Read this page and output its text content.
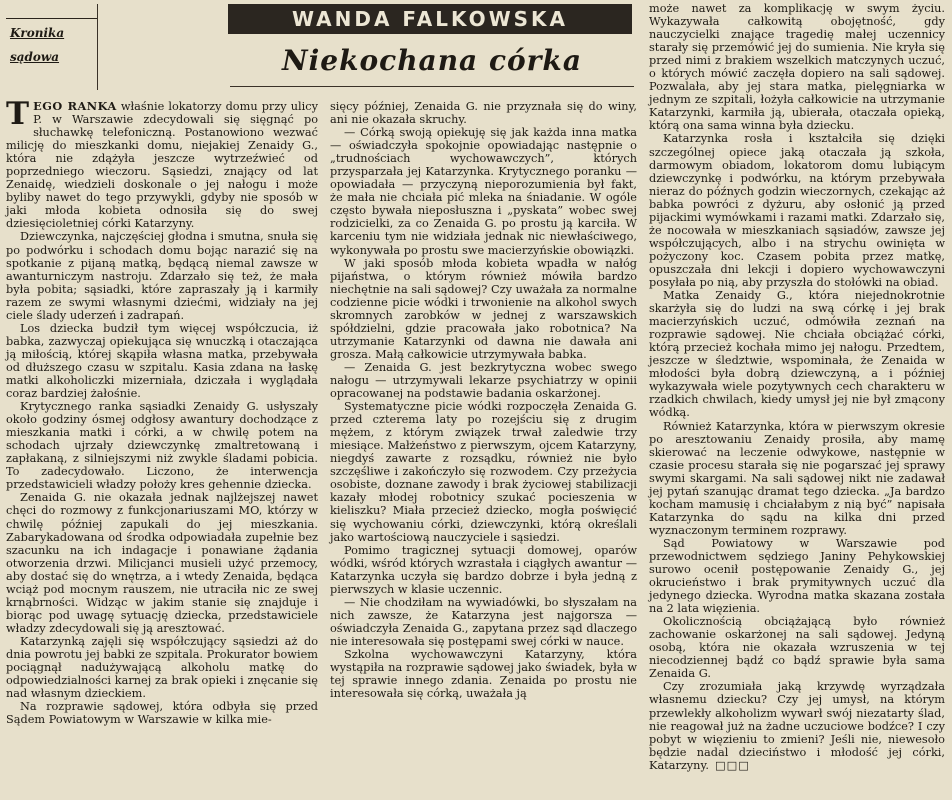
Kronika
sądowa
WANDA FALKOWSKA
Niekochana córka

TEGO RANKA właśnie lokatorzy domu przy ulicy P. w Warszawie zdecydowali się sięgnąć po słuchawkę telefoniczną. Postanowiono wezwać milicję do mieszkanki domu, niejakiej Zenaidy G., która nie zdążyła jeszcze wytrzeźwieć od poprzedniego wieczoru. Sąsiedzi, znający od lat Zenaidę, wiedzieli doskonale o jej nałogu i może byliby nawet do tego przywykli, gdyby nie sposób w jaki młoda kobieta odnosiła się do swej dziesięcioletniej córki Katarzyny.

Dziewczynka, najczęściej głodna i smutna, snuła się po podwórku i schodach domu bojąc narazić się na spotkanie z pijaną matką, będącą niemal zawsze w awanturniczym nastroju. Zdarzało się też, że mała była pobita; sąsiadki, które zapraszały ją i karmiły razem ze swymi własnymi dziećmi, widziały na jej ciele ślady uderzeń i zadrapań.

Los dziecka budził tym więcej współczucia, iż babka, zazwyczaj opiekująca się wnuczką i otaczająca ją miłością, której skąpiła własna matka, przebywała od dłuższego czasu w szpitalu. Kasia zdana na łaskę matki alkoholiczki mizerniała, dziczała i wyglądała coraz bardziej żałośnie.

Krytycznego ranka sąsiadki Zenaidy G. usłyszały około godziny ósmej odgłosy awantury dochodzące z mieszkania matki i córki, a w chwilę potem na schodach ujrzały dziewczynkę zmaltretowaną i zapłakaną, z silniejszymi niż zwykle śladami pobicia. To zadecydowało. Liczono, że interwencja przedstawicieli władzy położy kres gehennie dziecka.

Zenaida G. nie okazała jednak najlżejszej nawet chęci do rozmowy z funkcjonariuszami MO, którzy w chwilę później zapukali do jej mieszkania. Zabarykadowana od środka odpowiadała zupełnie bez szacunku na ich indagacje i ponawiane żądania otworzenia drzwi. Milicjanci musieli użyć przemocy, aby dostać się do wnętrza, a i wtedy Zenaida, będąca wciąż pod mocnym rauszem, nie utraciła nic ze swej krnąbrności. Widząc w jakim stanie się znajduje i biorąc pod uwagę sytuację dziecka, przedstawiciele władzy zdecydowali się ją aresztować.

Katarzynką zajęli się współczujący sąsiedzi aż do dnia powrotu jej babki ze szpitala. Prokurator bowiem pociągnął nadużywającą alkoholu matkę do odpowiedzialności karnej za brak opieki i znęcanie się nad własnym dzieckiem.

Na rozprawie sądowej, która odbyła się przed Sądem Powiatowym w Warszawie w kilka mie-

sięcy później, Zenaida G. nie przyznała się do winy, ani nie okazała skruchy.

— Córką swoją opiekuję się jak każda inna matka — oświadczyła spokojnie opowiadając następnie o „trudnościach wychowawczych”, których przysparzała jej Katarzynka. Krytycznego poranku — opowiadała — przyczyną nieporozumienia był fakt, że mała nie chciała pić mleka na śniadanie. W ogóle często bywała nieposłuszna i „pyskata” wobec swej rodzicielki, za co Zenaida G. po prostu ją karciła. W karceniu tym nie widziała jednak nic niewłaściwego, wykonywała po prostu swe macierzyńskie obowiązki.

W jaki sposób młoda kobieta wpadła w nałóg pijaństwa, o którym również mówiła bardzo niechętnie na sali sądowej? Czy uważała za normalne codzienne picie wódki i trwonienie na alkohol swych skromnych zarobków w jednej z warszawskich spółdzielni, gdzie pracowała jako robotnica? Na utrzymanie Katarzynki od dawna nie dawała ani grosza. Małą całkowicie utrzymywała babka.

— Zenaida G. jest bezkrytyczna wobec swego nałogu — utrzymywali lekarze psychiatrzy w opinii opracowanej na podstawie badania oskarżonej.

Systematyczne picie wódki rozpoczęła Zenaida G. przed czterema laty po rozejściu się z drugim mężem, z którym związek trwał zaledwie trzy miesiące. Małżeństwo z pierwszym, ojcem Katarzyny, niegdyś zawarte z rozsądku, również nie było szczęśliwe i zakończyło się rozwodem. Czy przeżycia osobiste, doznane zawody i brak życiowej stabilizacji kazały młodej robotnicy szukać pocieszenia w kieliszku? Miała przecież dziecko, mogła poświęcić się wychowaniu córki, dziewczynki, którą określali jako wartościową nauczyciele i sąsiedzi.

Pomimo tragicznej sytuacji domowej, oparów wódki, wśród których wzrastała i ciągłych awantur — Katarzynka uczyła się bardzo dobrze i była jedną z pierwszych w klasie uczennic.

— Nie chodziłam na wywiadówki, bo słyszałam na nich zawsze, że Katarzyna jest najgorsza — oświadczyła Zenaida G., zapytana przez sąd dlaczego nie interesowała się postępami swej córki w nauce.

Szkolna wychowawczyni Katarzyny, która wystąpiła na rozprawie sądowej jako świadek, była w tej sprawie innego zdania. Zenaida po prostu nie interesowała się córką, uważała ją

może nawet za komplikację w swym życiu. Wykazywała całkowitą obojętność, gdy nauczycielki znające tragedię małej uczennicy starały się przemówić jej do sumienia. Nie kryła się przed nimi z brakiem wszelkich matczynych uczuć, o których mówić zaczęła dopiero na sali sądowej. Pozwalała, aby jej stara matka, pielęgniarka w jednym ze szpitali, łożyła całkowicie na utrzymanie Katarzynki, karmiła ją, ubierała, otaczała opieką, którą ona sama winna była dziecku.

Katarzynka rosła i kształciła się dzięki szczególnej opiece jaką otaczała ją szkoła, darmowym obiadom, lokatorom domu lubiącym dziewczynkę i podwórku, na którym przebywała nieraz do późnych godzin wieczornych, czekając aż babka powróci z dyżuru, aby osłonić ją przed pijackimi wymówkami i razami matki. Zdarzało się, że nocowała w mieszkaniach sąsiadów, zawsze jej współczujących, albo i na strychu owinięta w pożyczony koc. Czasem pobita przez matkę, opuszczała dni lekcji i dopiero wychowawczyni posyłała po nią, aby przyszła do stołówki na obiad.

Matka Zenaidy G., która niejednokrotnie skarżyła się do ludzi na swą córkę i jej brak macierzyńskich uczuć, odmówiła zeznań na rozprawie sądowej. Nie chciała obciążać córki, którą przecież kochała mimo jej nałogu. Przedtem, jeszcze w śledztwie, wspominała, że Zenaida w młodości była dobrą dziewczyną, a i później wykazywała wiele pozytywnych cech charakteru w rzadkich chwilach, kiedy umysł jej nie był zmącony wódką.

Również Katarzynka, która w pierwszym okresie po aresztowaniu Zenaidy prosiła, aby mamę skierować na leczenie odwykowe, następnie w czasie procesu starała się nie pogarszać jej sprawy swymi skargami. Na sali sądowej nikt nie zadawał jej pytań szanując dramat tego dziecka. „Ja bardzo kocham mamusię i chciałabym z nią być” napisała Katarzynka do sądu na kilka dni przed wyznaczonym terminem rozprawy.

Sąd Powiatowy w Warszawie pod przewodnictwem sędziego Janiny Pehykowskiej surowo ocenił postępowanie Zenaidy G., jej okrucieństwo i brak prymitywnych uczuć dla jedynego dziecka. Wyrodna matka skazana została na 2 lata więzienia.

Okolicznością obciążającą było również zachowanie oskarżonej na sali sądowej. Jedyną osobą, która nie okazała wzruszenia w tej niecodziennej bądź co bądź sprawie była sama Zenaida G.

Czy zrozumiała jaką krzywdę wyrządzała własnemu dziecku? Czy jej umysł, na którym przewlekły alkoholizm wywarł swój niezatarty ślad, nie reagował już na żadne uczuciowe bodźce? I czy pobyt w więzieniu to zmieni? Jeśli nie, niewesoło będzie nadal dzieciństwo i młodość jej córki, Katarzyny. □□□
